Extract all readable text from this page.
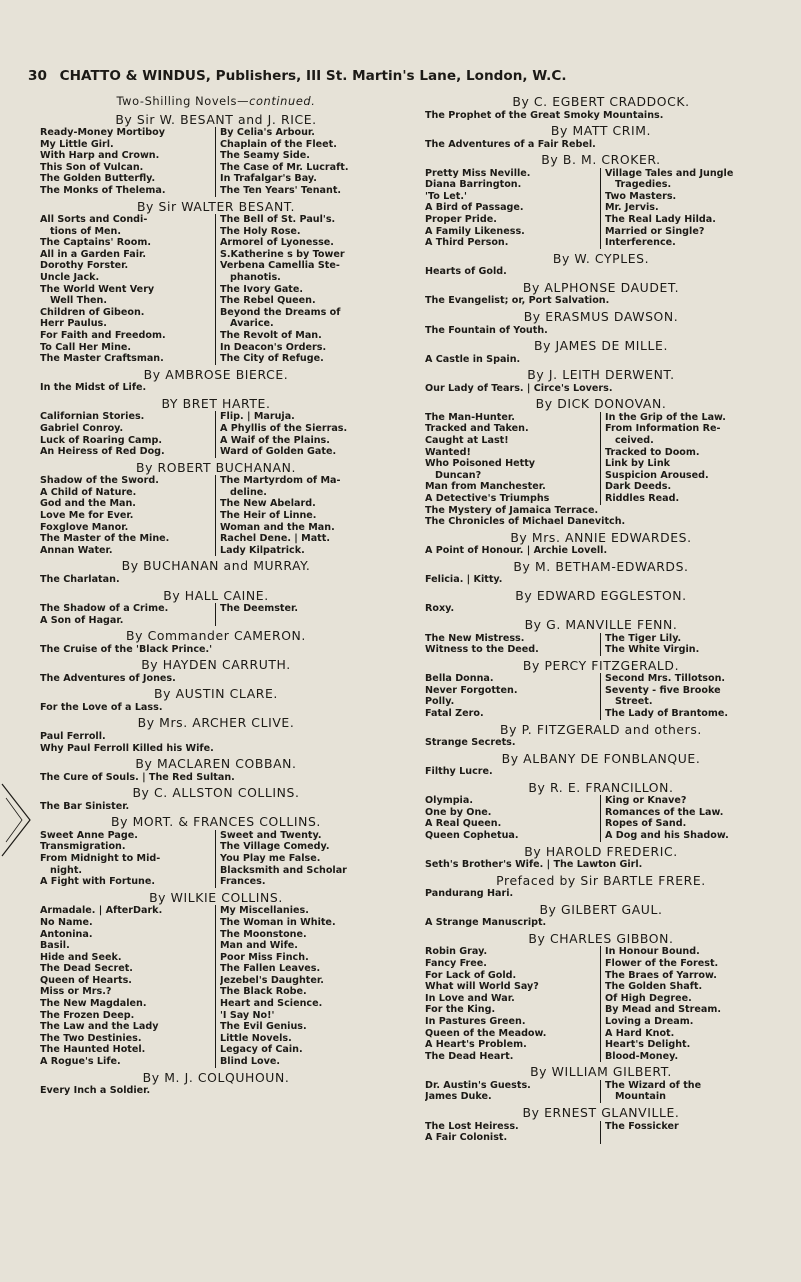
30 CHATTO & WINDUS, Publishers, III St. Martin's Lane, London, W.C.
Two-Shilling Novels—continued.
By Sir W. BESANT and J. RICE.
Ready-Money Mortiboy
My Little Girl.
With Harp and Crown.
This Son of Vulcan.
The Golden Butterfly.
The Monks of Thelema.
By Celia's Arbour.
Chaplain of the Fleet.
The Seamy Side.
The Case of Mr. Lucraft.
In Trafalgar's Bay.
The Ten Years' Tenant.
By Sir WALTER BESANT.
All Sorts and Condi-
tions of Men.
The Captains' Room.
All in a Garden Fair.
Dorothy Forster.
Uncle Jack.
The World Went Very
Well Then.
Children of Gibeon.
Herr Paulus.
For Faith and Freedom.
To Call Her Mine.
The Master Craftsman.
The Bell of St. Paul's.
The Holy Rose.
Armorel of Lyonesse.
S.Katherine s by Tower
Verbena Camellia Ste-
phanotis.
The Ivory Gate.
The Rebel Queen.
Beyond the Dreams of
Avarice.
The Revolt of Man.
In Deacon's Orders.
The City of Refuge.
By AMBROSE BIERCE.
In the Midst of Life.
BY BRET HARTE.
Californian Stories.
Gabriel Conroy.
Luck of Roaring Camp.
An Heiress of Red Dog.
Flip. | Maruja.
A Phyllis of the Sierras.
A Waif of the Plains.
Ward of Golden Gate.
By ROBERT BUCHANAN.
Shadow of the Sword.
A Child of Nature.
God and the Man.
Love Me for Ever.
Foxglove Manor.
The Master of the Mine.
Annan Water.
The Martyrdom of Ma-
deline.
The New Abelard.
The Heir of Linne.
Woman and the Man.
Rachel Dene. | Matt.
Lady Kilpatrick.
By BUCHANAN and MURRAY.
The Charlatan.
By HALL CAINE.
The Shadow of a Crime.
A Son of Hagar.
The Deemster.

By Commander CAMERON.
The Cruise of the 'Black Prince.'
By HAYDEN CARRUTH.
The Adventures of Jones.
By AUSTIN CLARE.
For the Love of a Lass.
By Mrs. ARCHER CLIVE.
Paul Ferroll.
Why Paul Ferroll Killed his Wife.
By MACLAREN COBBAN.
The Cure of Souls. | The Red Sultan.
By C. ALLSTON COLLINS.
The Bar Sinister.
By MORT. & FRANCES COLLINS.
Sweet Anne Page.
Transmigration.
From Midnight to Mid-
night.
A Fight with Fortune.
Sweet and Twenty.
The Village Comedy.
You Play me False.
Blacksmith and Scholar
Frances.
By WILKIE COLLINS.
Armadale. | AfterDark.
No Name.
Antonina.
Basil.
Hide and Seek.
The Dead Secret.
Queen of Hearts.
Miss or Mrs.?
The New Magdalen.
The Frozen Deep.
The Law and the Lady
The Two Destinies.
The Haunted Hotel.
A Rogue's Life.
My Miscellanies.
The Woman in White.
The Moonstone.
Man and Wife.
Poor Miss Finch.
The Fallen Leaves.
Jezebel's Daughter.
The Black Robe.
Heart and Science.
'I Say No!'
The Evil Genius.
Little Novels.
Legacy of Cain.
Blind Love.
By M. J. COLQUHOUN.
Every Inch a Soldier.
By C. EGBERT CRADDOCK.
The Prophet of the Great Smoky Mountains.
By MATT CRIM.
The Adventures of a Fair Rebel.
By B. M. CROKER.
Pretty Miss Neville.
Diana Barrington.
'To Let.'
A Bird of Passage.
Proper Pride.
A Family Likeness.
A Third Person.
Village Tales and Jungle
Tragedies.
Two Masters.
Mr. Jervis.
The Real Lady Hilda.
Married or Single?
Interference.
By W. CYPLES.
Hearts of Gold.
By ALPHONSE DAUDET.
The Evangelist; or, Port Salvation.
By ERASMUS DAWSON.
The Fountain of Youth.
By JAMES DE MILLE.
A Castle in Spain.
By J. LEITH DERWENT.
Our Lady of Tears. | Circe's Lovers.
By DICK DONOVAN.
The Man-Hunter.
Tracked and Taken.
Caught at Last!
Wanted!
Who Poisoned Hetty
Duncan?
Man from Manchester.
A Detective's Triumphs
In the Grip of the Law.
From Information Re-
ceived.
Tracked to Doom.
Link by Link
Suspicion Aroused.
Dark Deeds.
Riddles Read.
The Mystery of Jamaica Terrace.
The Chronicles of Michael Danevitch.
By Mrs. ANNIE EDWARDES.
A Point of Honour. | Archie Lovell.
By M. BETHAM-EDWARDS.
Felicia. | Kitty.
By EDWARD EGGLESTON.
Roxy.
By G. MANVILLE FENN.
The New Mistress.
Witness to the Deed.
The Tiger Lily.
The White Virgin.
By PERCY FITZGERALD.
Bella Donna.
Never Forgotten.
Polly.
Fatal Zero.
Second Mrs. Tillotson.
Seventy - five Brooke
Street.
The Lady of Brantome.
By P. FITZGERALD and others.
Strange Secrets.
By ALBANY DE FONBLANQUE.
Filthy Lucre.
By R. E. FRANCILLON.
Olympia.
One by One.
A Real Queen.
Queen Cophetua.
King or Knave?
Romances of the Law.
Ropes of Sand.
A Dog and his Shadow.
By HAROLD FREDERIC.
Seth's Brother's Wife. | The Lawton Girl.
Prefaced by Sir BARTLE FRERE.
Pandurang Hari.
By GILBERT GAUL.
A Strange Manuscript.
By CHARLES GIBBON.
Robin Gray.
Fancy Free.
For Lack of Gold.
What will World Say?
In Love and War.
For the King.
In Pastures Green.
Queen of the Meadow.
A Heart's Problem.
The Dead Heart.
In Honour Bound.
Flower of the Forest.
The Braes of Yarrow.
The Golden Shaft.
Of High Degree.
By Mead and Stream.
Loving a Dream.
A Hard Knot.
Heart's Delight.
Blood-Money.
By WILLIAM GILBERT.
Dr. Austin's Guests.
James Duke.
The Wizard of the
Mountain
By ERNEST GLANVILLE.
The Lost Heiress.
A Fair Colonist.
The Fossicker
